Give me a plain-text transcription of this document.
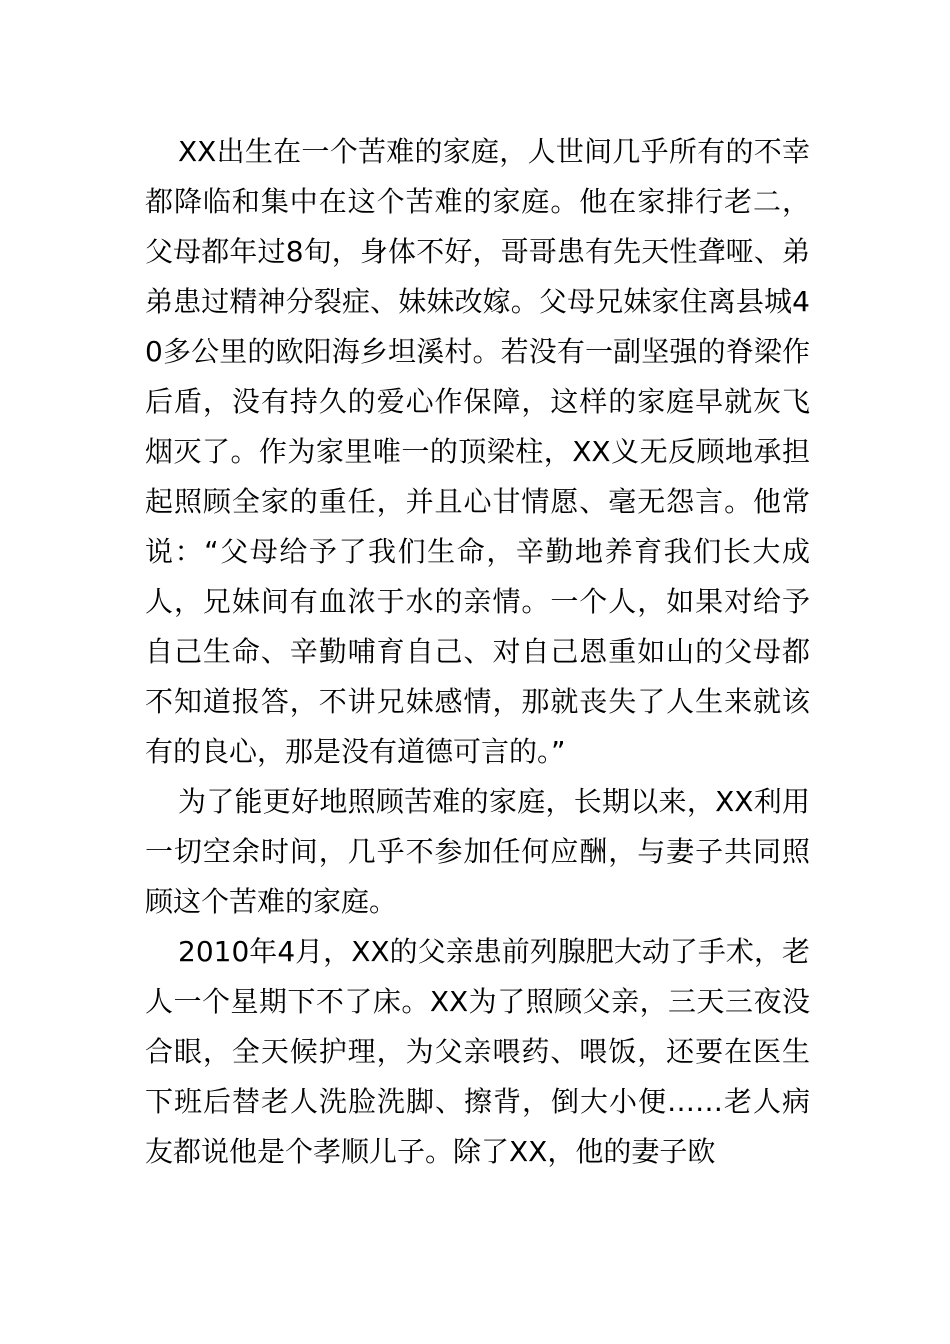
XX出生在一个苦难的家庭，人世间几乎所有的不幸都降临和集中在这个苦难的家庭。他在家排行老二，父母都年过8旬，身体不好，哥哥患有先天性聋哑、弟弟患过精神分裂症、妹妹改嫁。父母兄妹家住离县城40多公里的欧阳海乡坦溪村。若没有一副坚强的脊梁作后盾，没有持久的爱心作保障，这样的家庭早就灰飞烟灭了。作为家里唯一的顶梁柱，XX义无反顾地承担起照顾全家的重任，并且心甘情愿、毫无怨言。他常说：“父母给予了我们生命，辛勤地养育我们长大成人，兄妹间有血浓于水的亲情。一个人，如果对给予自己生命、辛勤哺育自己、对自己恩重如山的父母都不知道报答，不讲兄妹感情，那就丧失了人生来就该有的良心，那是没有道德可言的。”

为了能更好地照顾苦难的家庭，长期以来，XX利用一切空余时间，几乎不参加任何应酬，与妻子共同照顾这个苦难的家庭。

2010年4月，XX的父亲患前列腺肥大动了手术，老人一个星期下不了床。XX为了照顾父亲，三天三夜没合眼，全天候护理，为父亲喂药、喂饭，还要在医生下班后替老人洗脸洗脚、擦背，倒大小便……老人病友都说他是个孝顺儿子。除了XX，他的妻子欧
